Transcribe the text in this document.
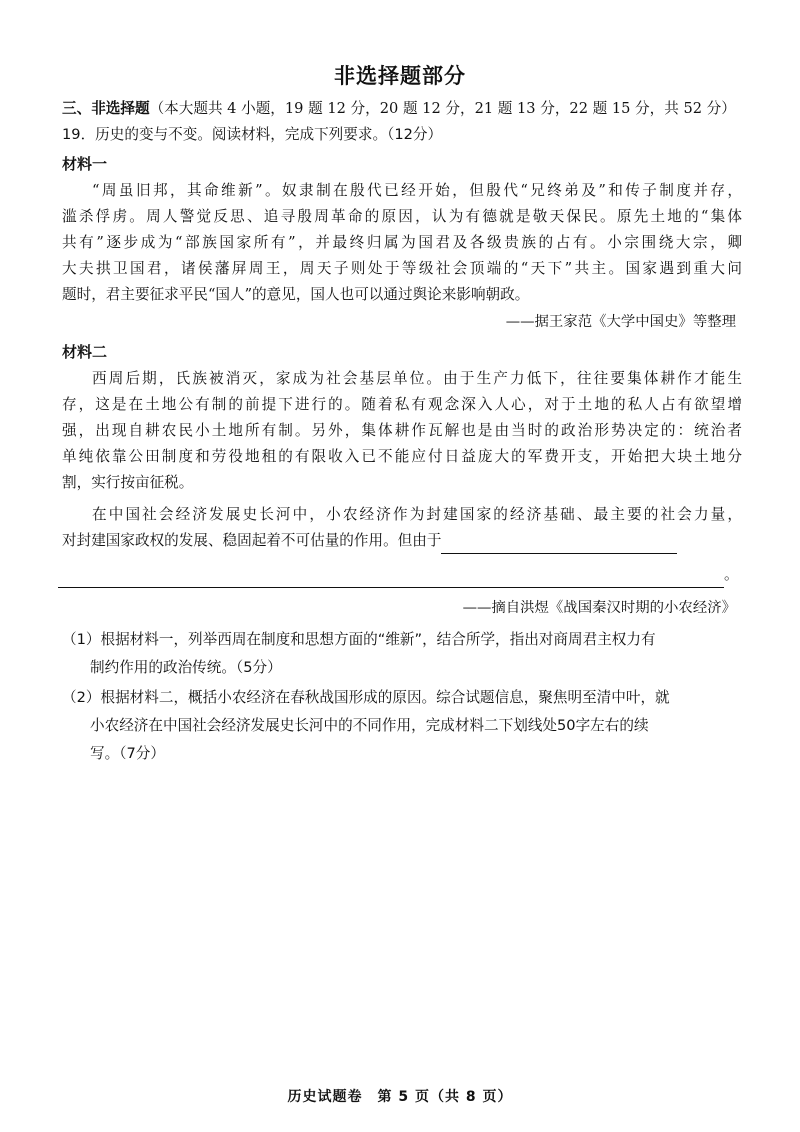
非选择题部分
三、非选择题（本大题共 4 小题，19 题 12 分，20 题 12 分，21 题 13 分，22 题 15 分，共 52 分）
19．历史的变与不变。阅读材料，完成下列要求。（12分）
材料一
“周虽旧邦，其命维新”。奴隶制在殷代已经开始，但殷代“兄终弟及”和传子制度并存，
滥杀俘虏。周人警觉反思、追寻殷周革命的原因，认为有德就是敬天保民。原先土地的“集体
共有”逐步成为“部族国家所有”，并最终归属为国君及各级贵族的占有。小宗围绕大宗，卿
大夫拱卫国君，诸侯藩屏周王，周天子则处于等级社会顶端的“天下”共主。国家遇到重大问
题时，君主要征求平民“国人”的意见，国人也可以通过舆论来影响朝政。
——据王家范《大学中国史》等整理
材料二
西周后期，氏族被消灭，家成为社会基层单位。由于生产力低下，往往要集体耕作才能生
存，这是在土地公有制的前提下进行的。随着私有观念深入人心，对于土地的私人占有欲望增
强，出现自耕农民小土地所有制。另外，集体耕作瓦解也是由当时的政治形势决定的：统治者
单纯依靠公田制度和劳役地租的有限收入已不能应付日益庞大的军费开支，开始把大块土地分
割，实行按亩征税。
在中国社会经济发展史长河中，小农经济作为封建国家的经济基础、最主要的社会力量，
对封建国家政权的发展、稳固起着不可估量的作用。但由于
。
——摘自洪煜《战国秦汉时期的小农经济》
（1）根据材料一，列举西周在制度和思想方面的“维新”，结合所学，指出对商周君主权力有
制约作用的政治传统。（5分）
（2）根据材料二，概括小农经济在春秋战国形成的原因。综合试题信息，聚焦明至清中叶，就
小农经济在中国社会经济发展史长河中的不同作用，完成材料二下划线处50字左右的续
写。（7分）
历史试题卷　第 5 页（共 8 页）
